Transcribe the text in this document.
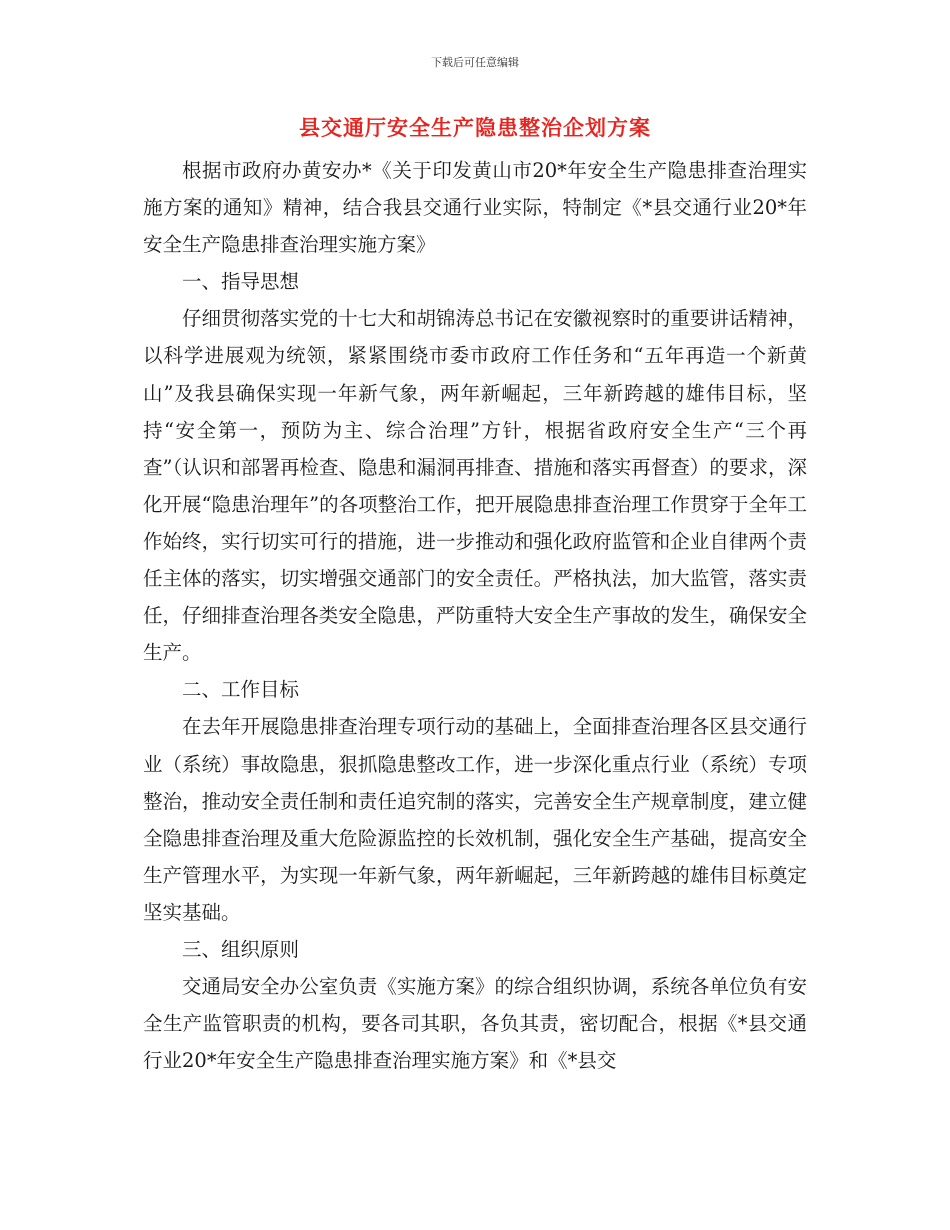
下载后可任意编辑
县交通厅安全生产隐患整治企划方案

根据市政府办黄安办*《关于印发黄山市20*年安全生产隐患排查治理实施方案的通知》精神，结合我县交通行业实际，特制定《*县交通行业20*年安全生产隐患排查治理实施方案》

一、指导思想

仔细贯彻落实党的十七大和胡锦涛总书记在安徽视察时的重要讲话精神，以科学进展观为统领，紧紧围绕市委市政府工作任务和“五年再造一个新黄山”及我县确保实现一年新气象，两年新崛起，三年新跨越的雄伟目标，坚持“安全第一，预防为主、综合治理”方针，根据省政府安全生产“三个再查”（认识和部署再检查、隐患和漏洞再排查、措施和落实再督查）的要求，深化开展“隐患治理年”的各项整治工作，把开展隐患排查治理工作贯穿于全年工作始终，实行切实可行的措施，进一步推动和强化政府监管和企业自律两个责任主体的落实，切实增强交通部门的安全责任。严格执法，加大监管，落实责任，仔细排查治理各类安全隐患，严防重特大安全生产事故的发生，确保安全生产。

二、工作目标

在去年开展隐患排查治理专项行动的基础上，全面排查治理各区县交通行业（系统）事故隐患，狠抓隐患整改工作，进一步深化重点行业（系统）专项整治，推动安全责任制和责任追究制的落实，完善安全生产规章制度，建立健全隐患排查治理及重大危险源监控的长效机制，强化安全生产基础，提高安全生产管理水平，为实现一年新气象，两年新崛起，三年新跨越的雄伟目标奠定坚实基础。

三、组织原则

交通局安全办公室负责《实施方案》的综合组织协调，系统各单位负有安全生产监管职责的机构，要各司其职，各负其责，密切配合，根据《*县交通行业20*年安全生产隐患排查治理实施方案》和《*县交
